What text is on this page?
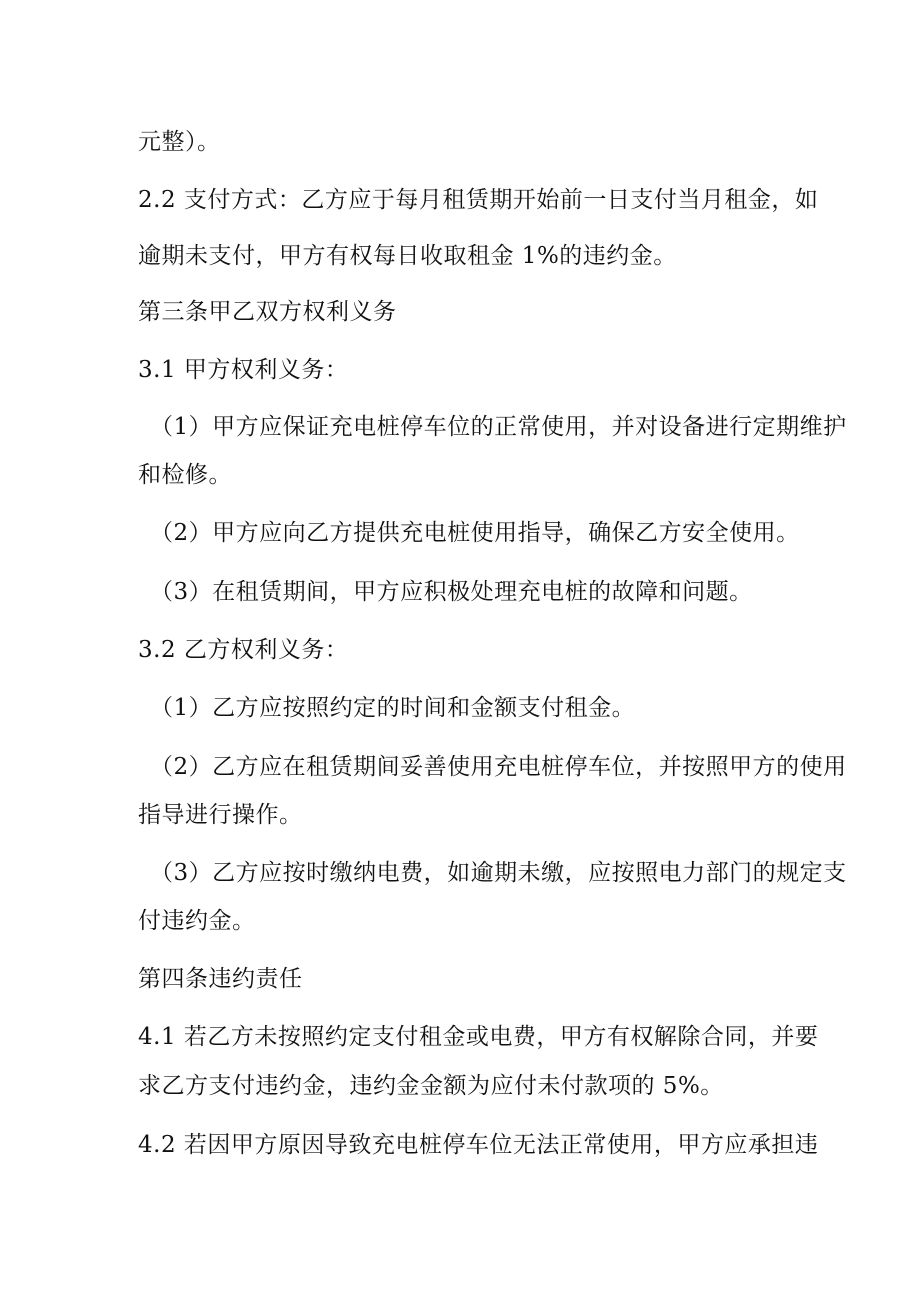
元整）。
2.2 支付方式：乙方应于每月租赁期开始前一日支付当月租金，如
逾期未支付，甲方有权每日收取租金 1%的违约金。
第三条甲乙双方权利义务
3.1 甲方权利义务：
（1）甲方应保证充电桩停车位的正常使用，并对设备进行定期维护
和检修。
（2）甲方应向乙方提供充电桩使用指导，确保乙方安全使用。
（3）在租赁期间，甲方应积极处理充电桩的故障和问题。
3.2 乙方权利义务：
（1）乙方应按照约定的时间和金额支付租金。
（2）乙方应在租赁期间妥善使用充电桩停车位，并按照甲方的使用
指导进行操作。
（3）乙方应按时缴纳电费，如逾期未缴，应按照电力部门的规定支
付违约金。
第四条违约责任
4.1 若乙方未按照约定支付租金或电费，甲方有权解除合同，并要
求乙方支付违约金，违约金金额为应付未付款项的 5%。
4.2 若因甲方原因导致充电桩停车位无法正常使用，甲方应承担违
